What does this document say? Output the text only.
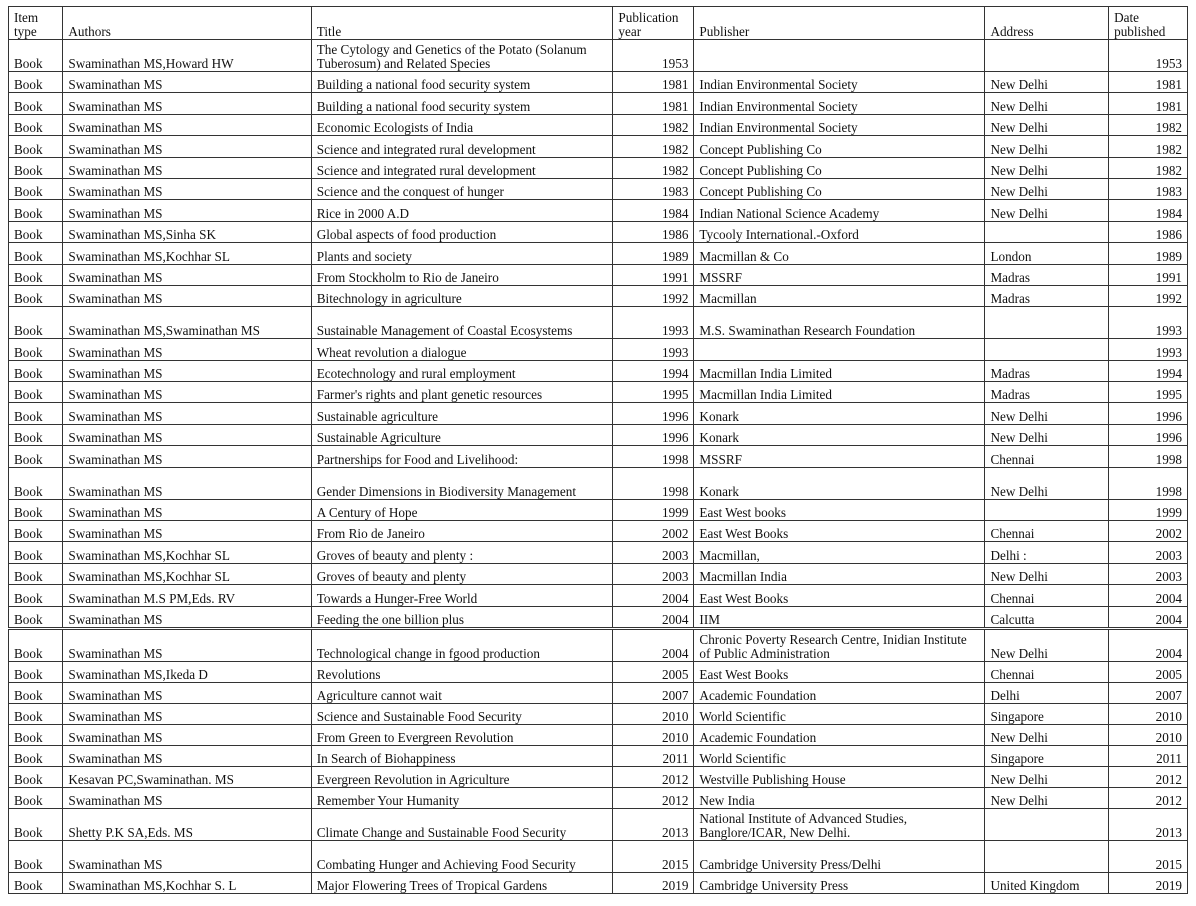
Item type	Authors	Title	Publication year	Publisher	Address	Date published
Book	Swaminathan MS,Howard HW	The Cytology and Genetics of the Potato (Solanum Tuberosum) and Related Species	1953			1953
Book	Swaminathan MS	Building a national food security system	1981	Indian Environmental Society	New Delhi	1981
Book	Swaminathan MS	Building a national food security system	1981	Indian Environmental Society	New Delhi	1981
Book	Swaminathan MS	Economic Ecologists of India	1982	Indian Environmental Society	New Delhi	1982
Book	Swaminathan MS	Science and integrated rural development	1982	Concept Publishing Co	New Delhi	1982
Book	Swaminathan MS	Science and integrated rural development	1982	Concept Publishing Co	New Delhi	1982
Book	Swaminathan MS	Science and the conquest of hunger	1983	Concept Publishing Co	New Delhi	1983
Book	Swaminathan MS	Rice in 2000 A.D	1984	Indian National Science Academy	New Delhi	1984
Book	Swaminathan MS,Sinha SK	Global aspects of food production	1986	Tycooly International.-Oxford		1986
Book	Swaminathan MS,Kochhar SL	Plants and society	1989	Macmillan & Co	London	1989
Book	Swaminathan MS	From Stockholm to Rio de Janeiro	1991	MSSRF	Madras	1991
Book	Swaminathan MS	Bitechnology in agriculture	1992	Macmillan	Madras	1992
Book	Swaminathan MS,Swaminathan MS	Sustainable Management of Coastal Ecosystems	1993	M.S. Swaminathan Research Foundation		1993
Book	Swaminathan MS	Wheat revolution a dialogue	1993			1993
Book	Swaminathan MS	Ecotechnology and rural employment	1994	Macmillan India Limited	Madras	1994
Book	Swaminathan MS	Farmer's rights and plant genetic resources	1995	Macmillan India Limited	Madras	1995
Book	Swaminathan MS	Sustainable agriculture	1996	Konark	New Delhi	1996
Book	Swaminathan MS	Sustainable Agriculture	1996	Konark	New Delhi	1996
Book	Swaminathan MS	Partnerships for Food and Livelihood:	1998	MSSRF	Chennai	1998
Book	Swaminathan MS	Gender Dimensions in Biodiversity Management	1998	Konark	New Delhi	1998
Book	Swaminathan MS	A Century of Hope	1999	East West books		1999
Book	Swaminathan MS	From Rio de Janeiro	2002	East West Books	Chennai	2002
Book	Swaminathan MS,Kochhar SL	Groves of beauty and plenty :	2003	Macmillan,	Delhi :	2003
Book	Swaminathan MS,Kochhar SL	Groves of beauty and plenty	2003	Macmillan India	New Delhi	2003
Book	Swaminathan M.S PM,Eds. RV	Towards a Hunger-Free World	2004	East West Books	Chennai	2004
Book	Swaminathan MS	Feeding the one billion plus	2004	IIM	Calcutta	2004
Book	Swaminathan MS	Technological change in fgood production	2004	Chronic Poverty Research Centre, Inidian Institute of Public Administration	New Delhi	2004
Book	Swaminathan MS,Ikeda D	Revolutions	2005	East West Books	Chennai	2005
Book	Swaminathan MS	Agriculture cannot wait	2007	Academic Foundation	Delhi	2007
Book	Swaminathan MS	Science and Sustainable Food Security	2010	World Scientific	Singapore	2010
Book	Swaminathan MS	From Green to Evergreen Revolution	2010	Academic Foundation	New Delhi	2010
Book	Swaminathan MS	In Search of Biohappiness	2011	World Scientific	Singapore	2011
Book	Kesavan PC,Swaminathan. MS	Evergreen Revolution in Agriculture	2012	Westville Publishing House	New Delhi	2012
Book	Swaminathan MS	Remember Your Humanity	2012	New India	New Delhi	2012
Book	Shetty P.K SA,Eds. MS	Climate Change and Sustainable Food Security	2013	National Institute of Advanced Studies, Banglore/ICAR, New Delhi.		2013
Book	Swaminathan MS	Combating Hunger and Achieving Food Security	2015	Cambridge University Press/Delhi		2015
Book	Swaminathan MS,Kochhar S. L	Major Flowering Trees of Tropical Gardens	2019	Cambridge University Press	United Kingdom	2019
